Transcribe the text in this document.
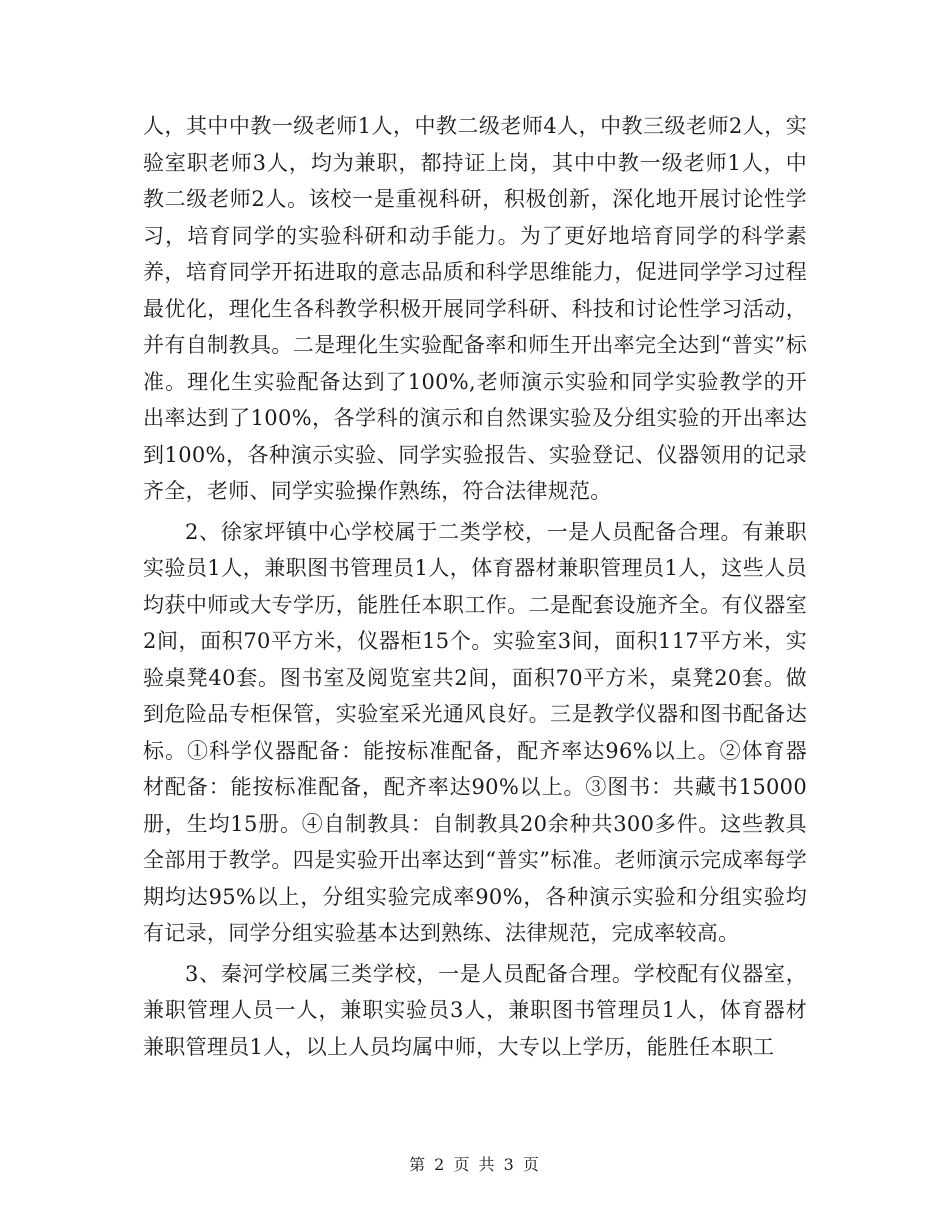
人，其中中教一级老师1人，中教二级老师4人，中教三级老师2人，实验室职老师3人，均为兼职，都持证上岗，其中中教一级老师1人，中教二级老师2人。该校一是重视科研，积极创新，深化地开展讨论性学习，培育同学的实验科研和动手能力。为了更好地培育同学的科学素养，培育同学开拓进取的意志品质和科学思维能力，促进同学学习过程最优化，理化生各科教学积极开展同学科研、科技和讨论性学习活动，并有自制教具。二是理化生实验配备率和师生开出率完全达到“普实”标准。理化生实验配备达到了100%,老师演示实验和同学实验教学的开出率达到了100%，各学科的演示和自然课实验及分组实验的开出率达到100%，各种演示实验、同学实验报告、实验登记、仪器领用的记录齐全，老师、同学实验操作熟练，符合法律规范。

2、徐家坪镇中心学校属于二类学校，一是人员配备合理。有兼职实验员1人，兼职图书管理员1人，体育器材兼职管理员1人，这些人员均获中师或大专学历，能胜任本职工作。二是配套设施齐全。有仪器室2间，面积70平方米，仪器柜15个。实验室3间，面积117平方米，实验桌凳40套。图书室及阅览室共2间，面积70平方米，桌凳20套。做到危险品专柜保管，实验室采光通风良好。三是教学仪器和图书配备达标。①科学仪器配备：能按标准配备，配齐率达96%以上。②体育器材配备：能按标准配备，配齐率达90%以上。③图书：共藏书15000册，生均15册。④自制教具：自制教具20余种共300多件。这些教具全部用于教学。四是实验开出率达到“普实”标准。老师演示完成率每学期均达95%以上，分组实验完成率90%，各种演示实验和分组实验均有记录，同学分组实验基本达到熟练、法律规范，完成率较高。

3、秦河学校属三类学校，一是人员配备合理。学校配有仪器室，兼职管理人员一人，兼职实验员3人，兼职图书管理员1人，体育器材兼职管理员1人，以上人员均属中师，大专以上学历，能胜任本职工

第 2 页 共 3 页
